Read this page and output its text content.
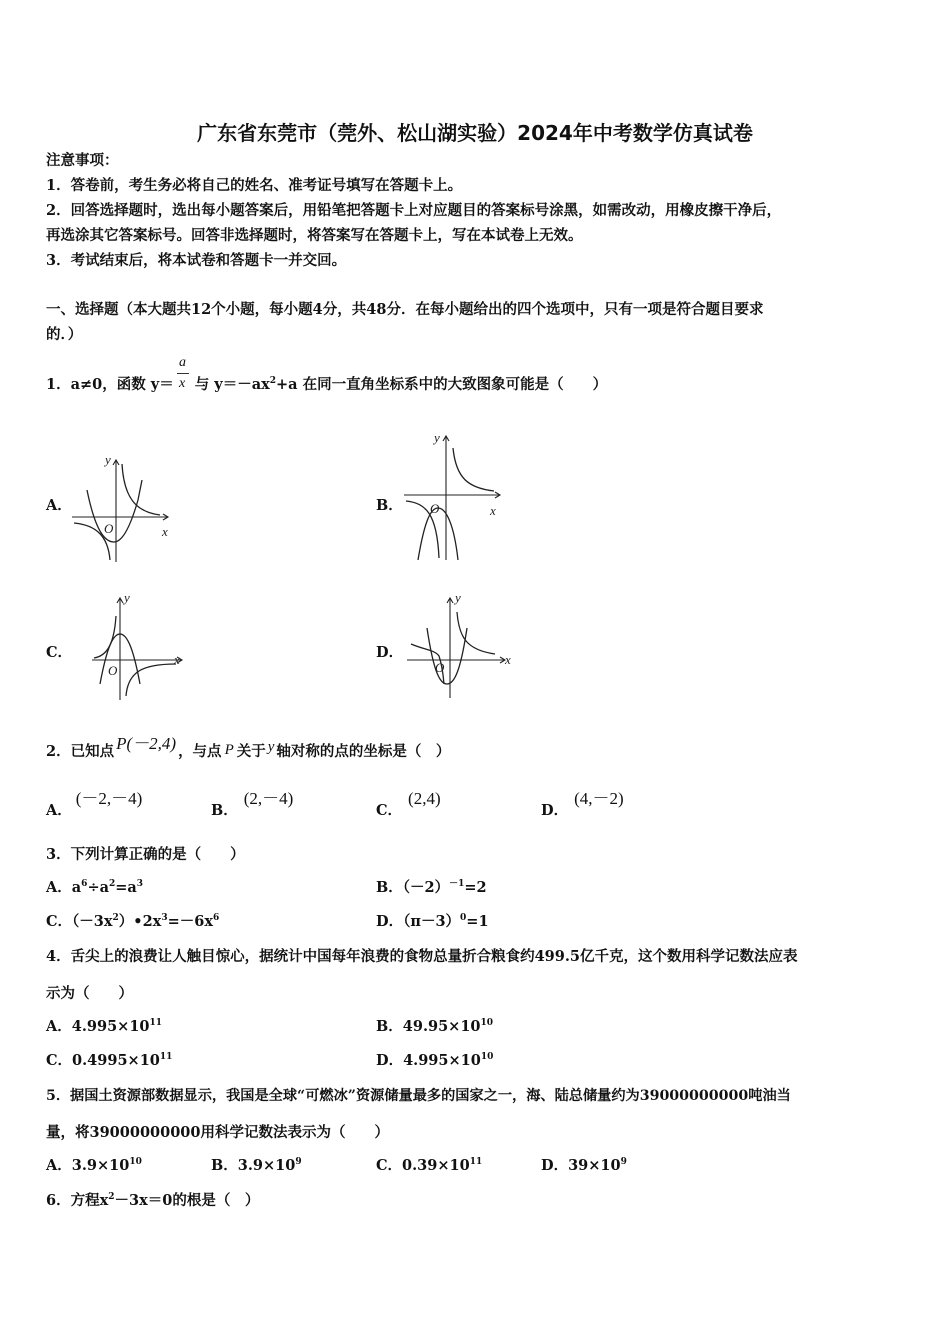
广东省东莞市（莞外、松山湖实验）2024年中考数学仿真试卷
注意事项：
1．答卷前，考生务必将自己的姓名、准考证号填写在答题卡上。
2．回答选择题时，选出每小题答案后，用铅笔把答题卡上对应题目的答案标号涂黑，如需改动，用橡皮擦干净后，
再选涂其它答案标号。回答非选择题时，将答案写在答题卡上，写在本试卷上无效。
3．考试结束后，将本试卷和答题卡一并交回。
一、选择题（本大题共12个小题，每小题4分，共48分．在每小题给出的四个选项中，只有一项是符合题目要求
的．）
1．a≠0，函数 y＝ 与 $y=-ax^2+a$ 在同一直角坐标系中的大致图象可能是（　　）
a
x
A．	B．
C．	D．
y
x
O
y
x
O
y
x
O
y
x
O
2．已知点 P(－2,4) ，与点 P 关于 y 轴对称的点的坐标是（　）
A．(－2,－4)
B．(2,－4)
C．(2,4)
D．(4,－2)
3．下列计算正确的是（　　）
A．$a^6\div a^2=a^3$	B．$(-2)^{-1}=2$
C．$(-3x^2)•2x^3=-6x^6$	D．$(\pi-3)^0=1$
4．舌尖上的浪费让人触目惊心，据统计中国每年浪费的食物总量折合粮食约499.5亿千克，这个数用科学记数法应表
示为（　　）
A．$4.995\times 10^{11}$	B．$49.95\times 10^{10}$
C．$0.4995\times 10^{11}$	D．$4.995\times 10^{10}$
5．据国土资源部数据显示，我国是全球“可燃冰”资源储量最多的国家之一，海、陆总储量约为39000000000吨油当
量，将39000000000用科学记数法表示为（　　）
A．$3.9\times 10^{10}$	B．$3.9\times 10^9$	C．$0.39\times 10^{11}$	D．$39\times 10^9$
6．方程$x^2-3x=0$的根是（　）
